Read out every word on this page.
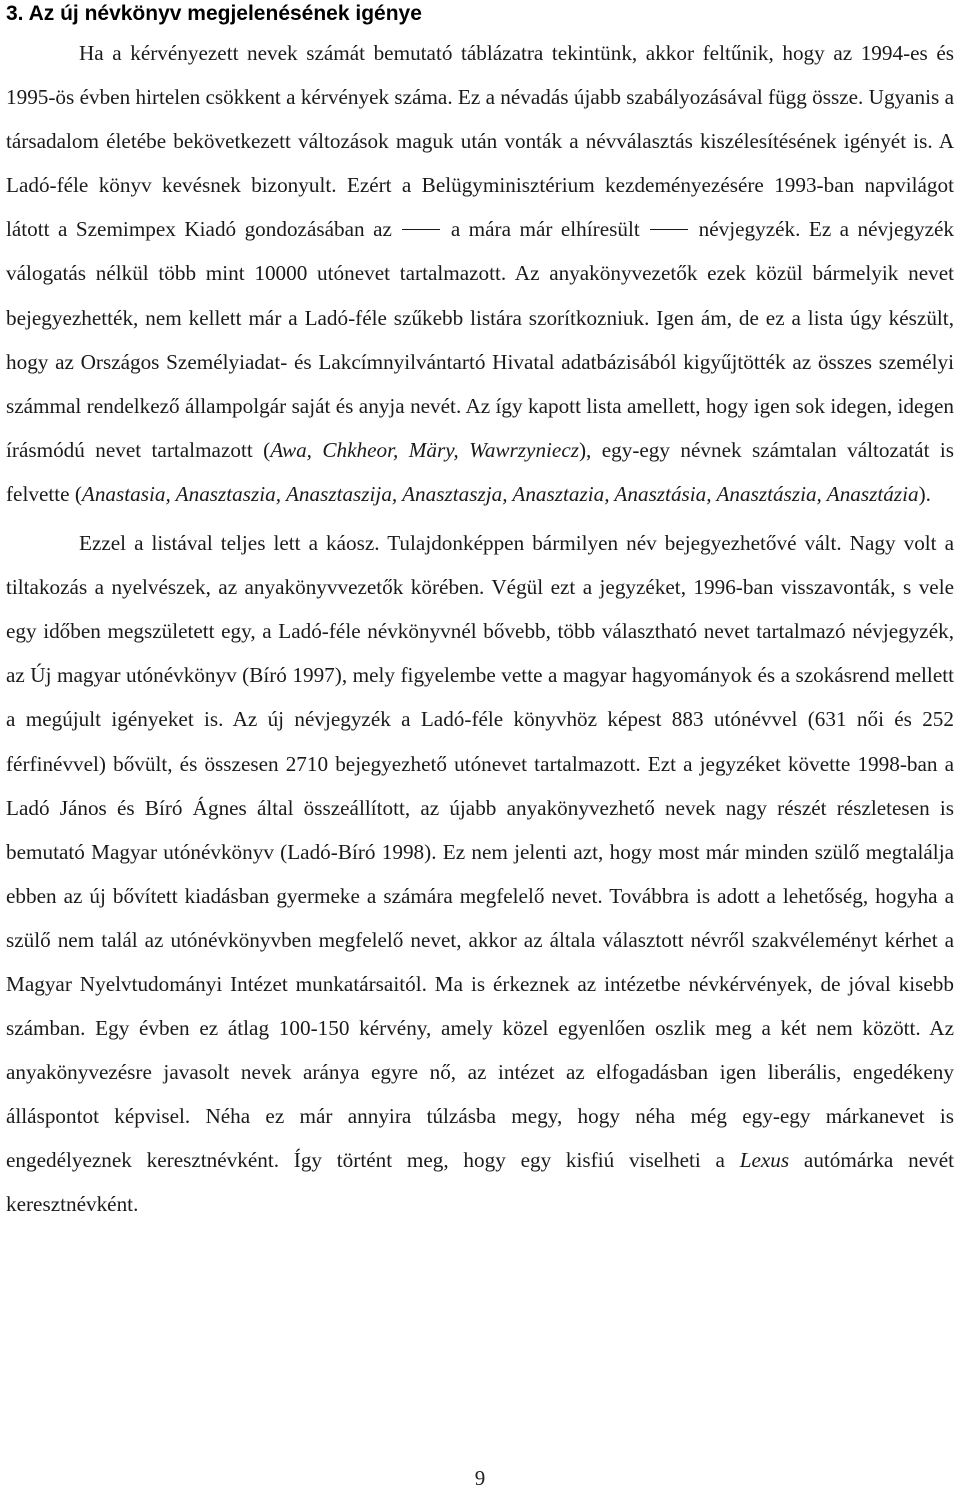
3. Az új névkönyv megjelenésének igénye

Ha a kérvényezett nevek számát bemutató táblázatra tekintünk, akkor feltűnik, hogy az 1994-es és 1995-ös évben hirtelen csökkent a kérvények száma. Ez a névadás újabb szabályozásával függ össze. Ugyanis a társadalom életébe bekövetkezett változások maguk után vonták a névválasztás kiszélesítésének igényét is. A Ladó-féle könyv kevésnek bizonyult. Ezért a Belügyminisztérium kezdeményezésére 1993-ban napvilágot látott a Szemimpex Kiadó gondozásában az	a mára már elhíresült	névjegyzék. Ez a névjegyzék válogatás nélkül több mint 10000 utónevet tartalmazott. Az anyakönyvezetők ezek közül bármelyik nevet bejegyezhették, nem kellett már a Ladó-féle szűkebb listára szorítkozniuk. Igen ám, de ez a lista úgy készült, hogy az Országos Személyiadat- és Lakcímnyilvántartó Hivatal adatbázisából kigyűjtötték az összes személyi számmal rendelkező állampolgár saját és anyja nevét. Az így kapott lista amellett, hogy igen sok idegen, idegen írásmódú nevet tartalmazott (Awa, Chkheor, Märy, Wawrzyniecz), egy-egy névnek számtalan változatát is felvette (Anastasia, Anasztaszia, Anasztaszija, Anasztaszja, Anasztazia, Anasztásia, Anasztászia, Anasztázia).

Ezzel a listával teljes lett a káosz. Tulajdonképpen bármilyen név bejegyezhetővé vált. Nagy volt a tiltakozás a nyelvészek, az anyakönyvvezetők körében. Végül ezt a jegyzéket, 1996-ban visszavonták, s vele egy időben megszületett egy, a Ladó-féle névkönyvnél bővebb, több választható nevet tartalmazó névjegyzék, az Új magyar utónévkönyv (Bíró 1997), mely figyelembe vette a magyar hagyományok és a szokásrend mellett a megújult igényeket is. Az új névjegyzék a Ladó-féle könyvhöz képest 883 utónévvel (631 női és 252 férfinévvel) bővült, és összesen 2710 bejegyezhető utónevet tartalmazott. Ezt a jegyzéket követte 1998-ban a Ladó János és Bíró Ágnes által összeállított, az újabb anyakönyvezhető nevek nagy részét részletesen is bemutató Magyar utónévkönyv (Ladó-Bíró 1998). Ez nem jelenti azt, hogy most már minden szülő megtalálja ebben az új bővített kiadásban gyermeke a számára megfelelő nevet. Továbbra is adott a lehetőség, hogyha a szülő nem talál az utónévkönyvben megfelelő nevet, akkor az általa választott névről szakvéleményt kérhet a Magyar Nyelvtudományi Intézet munkatársaitól. Ma is érkeznek az intézetbe névkérvények, de jóval kisebb számban. Egy évben ez átlag 100-150 kérvény, amely közel egyenlően oszlik meg a két nem között. Az anyakönyvezésre javasolt nevek aránya egyre nő, az intézet az elfogadásban igen liberális, engedékeny álláspontot képvisel. Néha ez már annyira túlzásba megy, hogy néha még egy-egy márkanevet is engedélyeznek keresztnévként. Így történt meg, hogy egy kisfiú viselheti a Lexus autómárka nevét keresztnévként.

9
